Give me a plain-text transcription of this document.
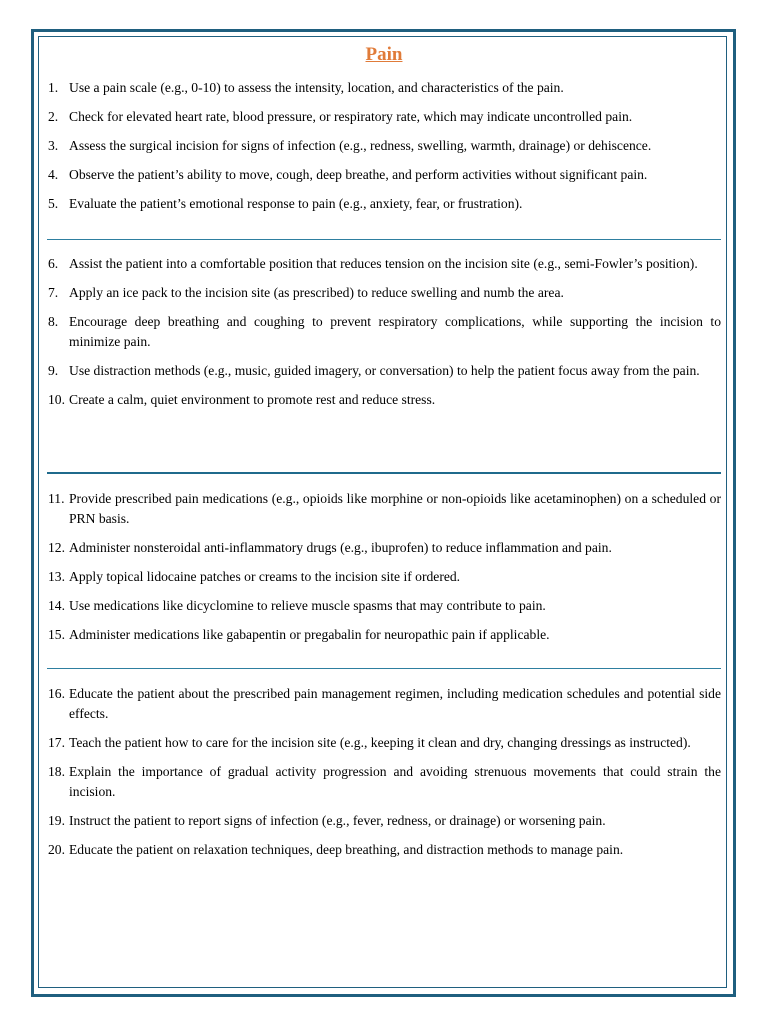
Pain
1. Use a pain scale (e.g., 0-10) to assess the intensity, location, and characteristics of the pain.
2. Check for elevated heart rate, blood pressure, or respiratory rate, which may indicate uncontrolled pain.
3. Assess the surgical incision for signs of infection (e.g., redness, swelling, warmth, drainage) or dehiscence.
4. Observe the patient’s ability to move, cough, deep breathe, and perform activities without significant pain.
5. Evaluate the patient’s emotional response to pain (e.g., anxiety, fear, or frustration).
6. Assist the patient into a comfortable position that reduces tension on the incision site (e.g., semi-Fowler’s position).
7. Apply an ice pack to the incision site (as prescribed) to reduce swelling and numb the area.
8. Encourage deep breathing and coughing to prevent respiratory complications, while supporting the incision to minimize pain.
9. Use distraction methods (e.g., music, guided imagery, or conversation) to help the patient focus away from the pain.
10. Create a calm, quiet environment to promote rest and reduce stress.
11. Provide prescribed pain medications (e.g., opioids like morphine or non-opioids like acetaminophen) on a scheduled or PRN basis.
12. Administer nonsteroidal anti-inflammatory drugs (e.g., ibuprofen) to reduce inflammation and pain.
13. Apply topical lidocaine patches or creams to the incision site if ordered.
14. Use medications like dicyclomine to relieve muscle spasms that may contribute to pain.
15. Administer medications like gabapentin or pregabalin for neuropathic pain if applicable.
16. Educate the patient about the prescribed pain management regimen, including medication schedules and potential side effects.
17. Teach the patient how to care for the incision site (e.g., keeping it clean and dry, changing dressings as instructed).
18. Explain the importance of gradual activity progression and avoiding strenuous movements that could strain the incision.
19. Instruct the patient to report signs of infection (e.g., fever, redness, or drainage) or worsening pain.
20. Educate the patient on relaxation techniques, deep breathing, and distraction methods to manage pain.
